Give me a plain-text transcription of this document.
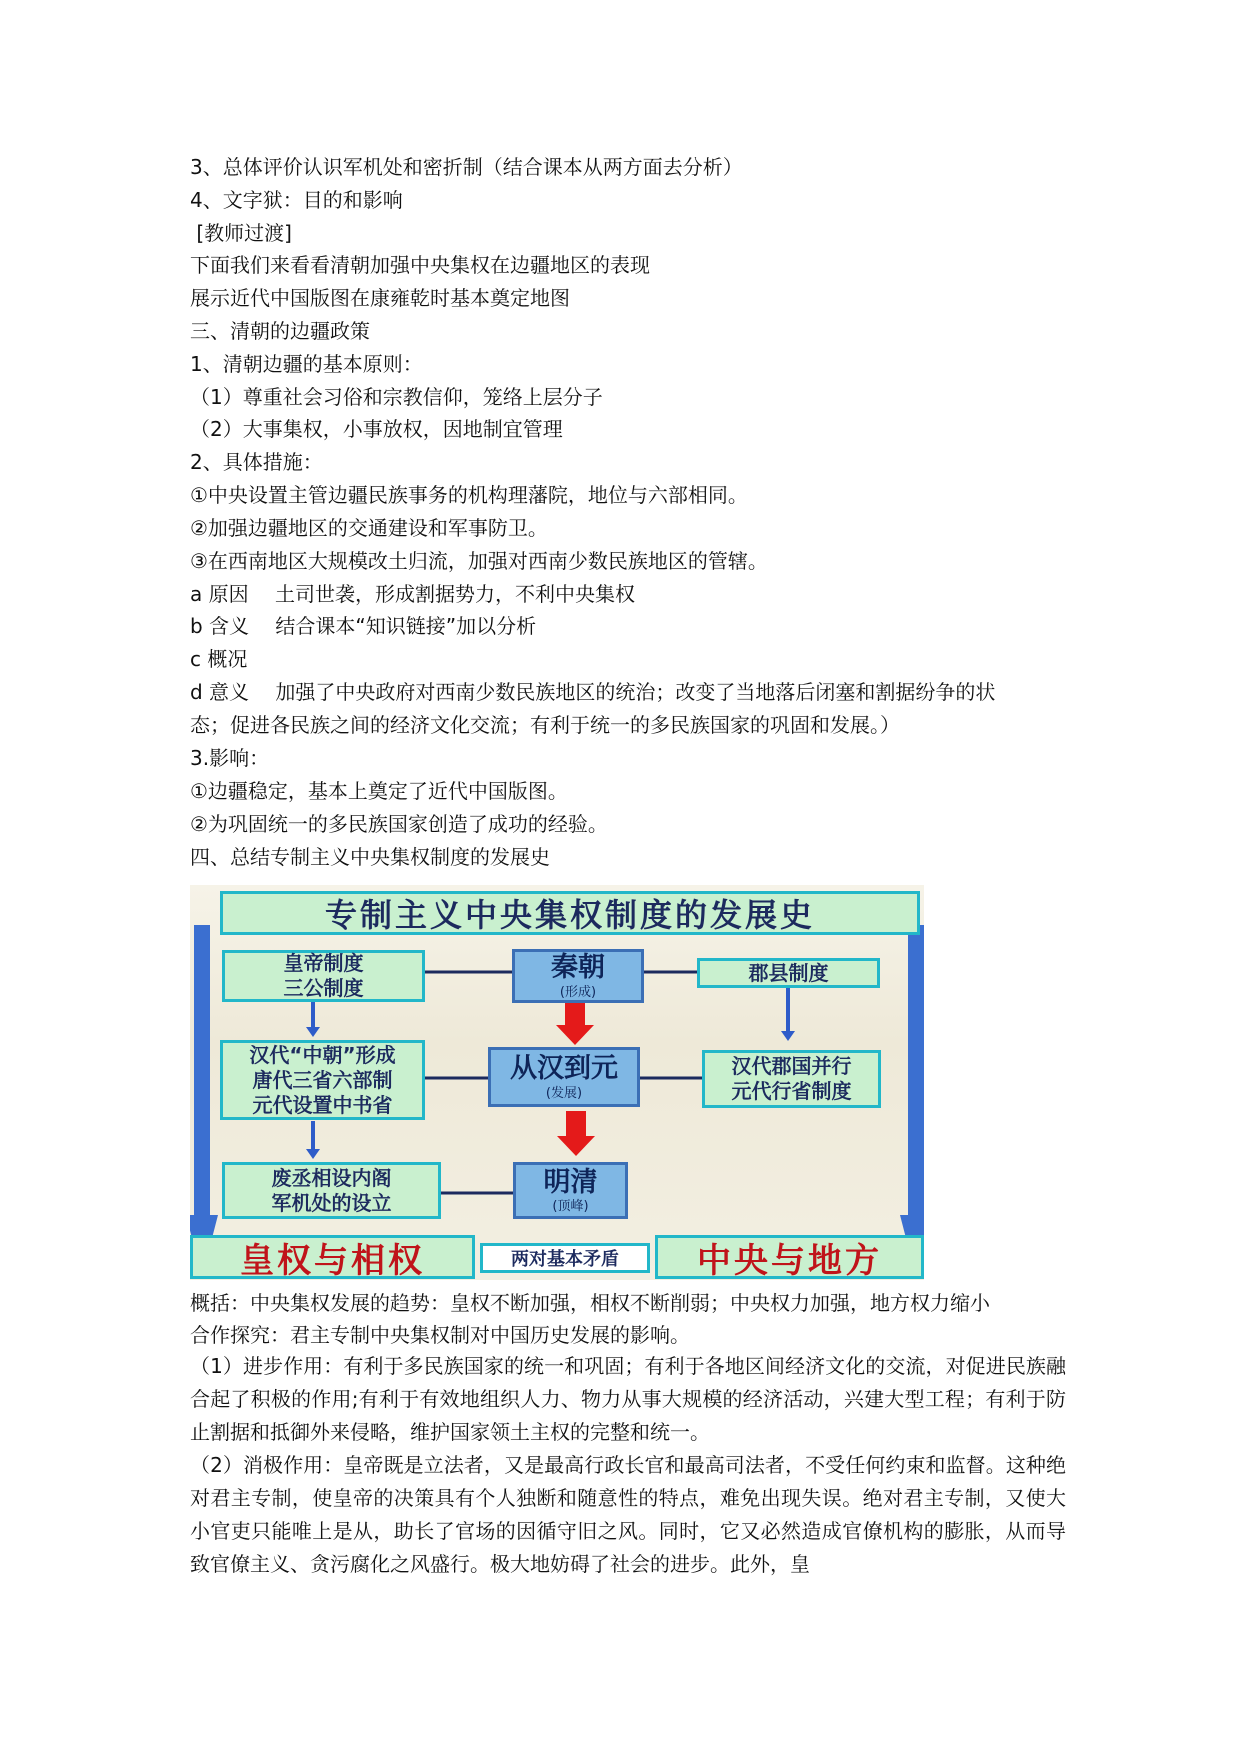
3、总体评价认识军机处和密折制（结合课本从两方面去分析）
4、文字狱：目的和影响
[教师过渡]
下面我们来看看清朝加强中央集权在边疆地区的表现
展示近代中国版图在康雍乾时基本奠定地图
三、清朝的边疆政策
1、清朝边疆的基本原则：
（1）尊重社会习俗和宗教信仰，笼络上层分子
（2）大事集权，小事放权，因地制宜管理
2、具体措施：
①中央设置主管边疆民族事务的机构理藩院，地位与六部相同。
②加强边疆地区的交通建设和军事防卫。
③在西南地区大规模改土归流，加强对西南少数民族地区的管辖。
a 原因　 土司世袭，形成割据势力，不利中央集权
b 含义　 结合课本“知识链接”加以分析
c 概况
d 意义　 加强了中央政府对西南少数民族地区的统治；改变了当地落后闭塞和割据纷争的状
态；促进各民族之间的经济文化交流；有利于统一的多民族国家的巩固和发展。）
3.影响：
①边疆稳定，基本上奠定了近代中国版图。
②为巩固统一的多民族国家创造了成功的经验。
四、总结专制主义中央集权制度的发展史
专制主义中央集权制度的发展史
皇帝制度
三公制度
汉代“中朝”形成
唐代三省六部制
元代设置中书省
废丞相设内阁
军机处的设立
秦朝
(形成)
从汉到元
(发展)
明清
(顶峰)
郡县制度
汉代郡国并行
元代行省制度
皇权与相权	两对基本矛盾	中央与地方
概括：中央集权发展的趋势：皇权不断加强，相权不断削弱；中央权力加强，地方权力缩小
合作探究：君主专制中央集权制对中国历史发展的影响。

（1）进步作用：有利于多民族国家的统一和巩固；有利于各地区间经济文化的交流，对促进民族融合起了积极的作用;有利于有效地组织人力、物力从事大规模的经济活动，兴建大型工程；有利于防止割据和抵御外来侵略，维护国家领土主权的完整和统一。

（2）消极作用：皇帝既是立法者，又是最高行政长官和最高司法者，不受任何约束和监督。这种绝对君主专制，使皇帝的决策具有个人独断和随意性的特点，难免出现失误。绝对君主专制，又使大小官吏只能唯上是从，助长了官场的因循守旧之风。同时，它又必然造成官僚机构的膨胀，从而导致官僚主义、贪污腐化之风盛行。极大地妨碍了社会的进步。此外，皇
